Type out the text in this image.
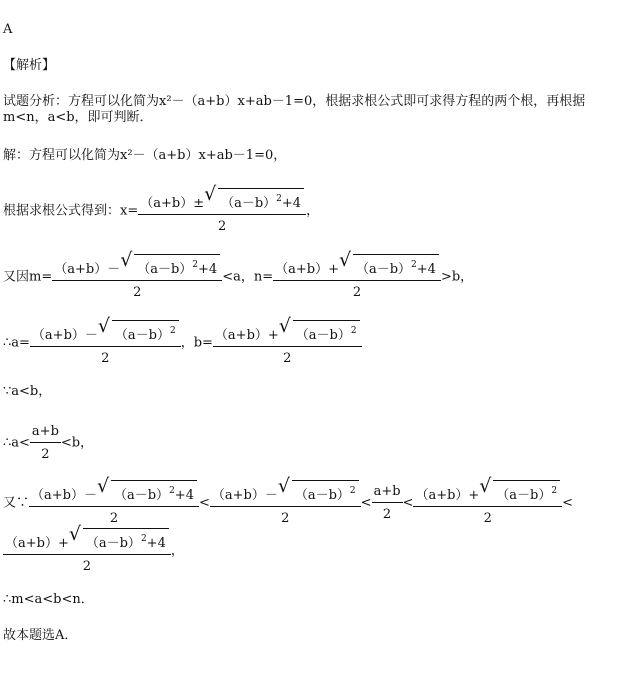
A
【解析】
试题分析：方程可以化简为x²－（a+b）x+ab－1=0，根据求根公式即可求得方程的两个根，再根据
m<n，a<b，即可判断．
解：方程可以化简为x²－（a+b）x+ab－1=0，
根据求根公式得到：$x= \frac{(a+b)\pm √ (a-b)^2+4}{2}$ ，
又因$m= \frac{(a+b)- √ (a-b)^2+4}{2} <a$，$n= \frac{(a+b)+ √ (a-b)^2+4}{2} >b$，
∴a= $\frac{(a+b)- √ (a-b)^2}{2}$ ，$b= \frac{(a+b)+ √ (a-b)^2}{2}$
∵a<b，
∴a< $\frac{a+b}{2} <b$，
又∵ $\frac{(a+b)- √ (a-b)^2+4}{2} < \frac{(a+b)- √ (a-b)^2}{2} < \frac{a+b}{2} < \frac{(a+b)+ √ (a-b)^2}{2}$ <
$\frac{(a+b)+ √ (a-b)^2+4}{2}$ ，
∴m<a<b<n．
故本题选A．
